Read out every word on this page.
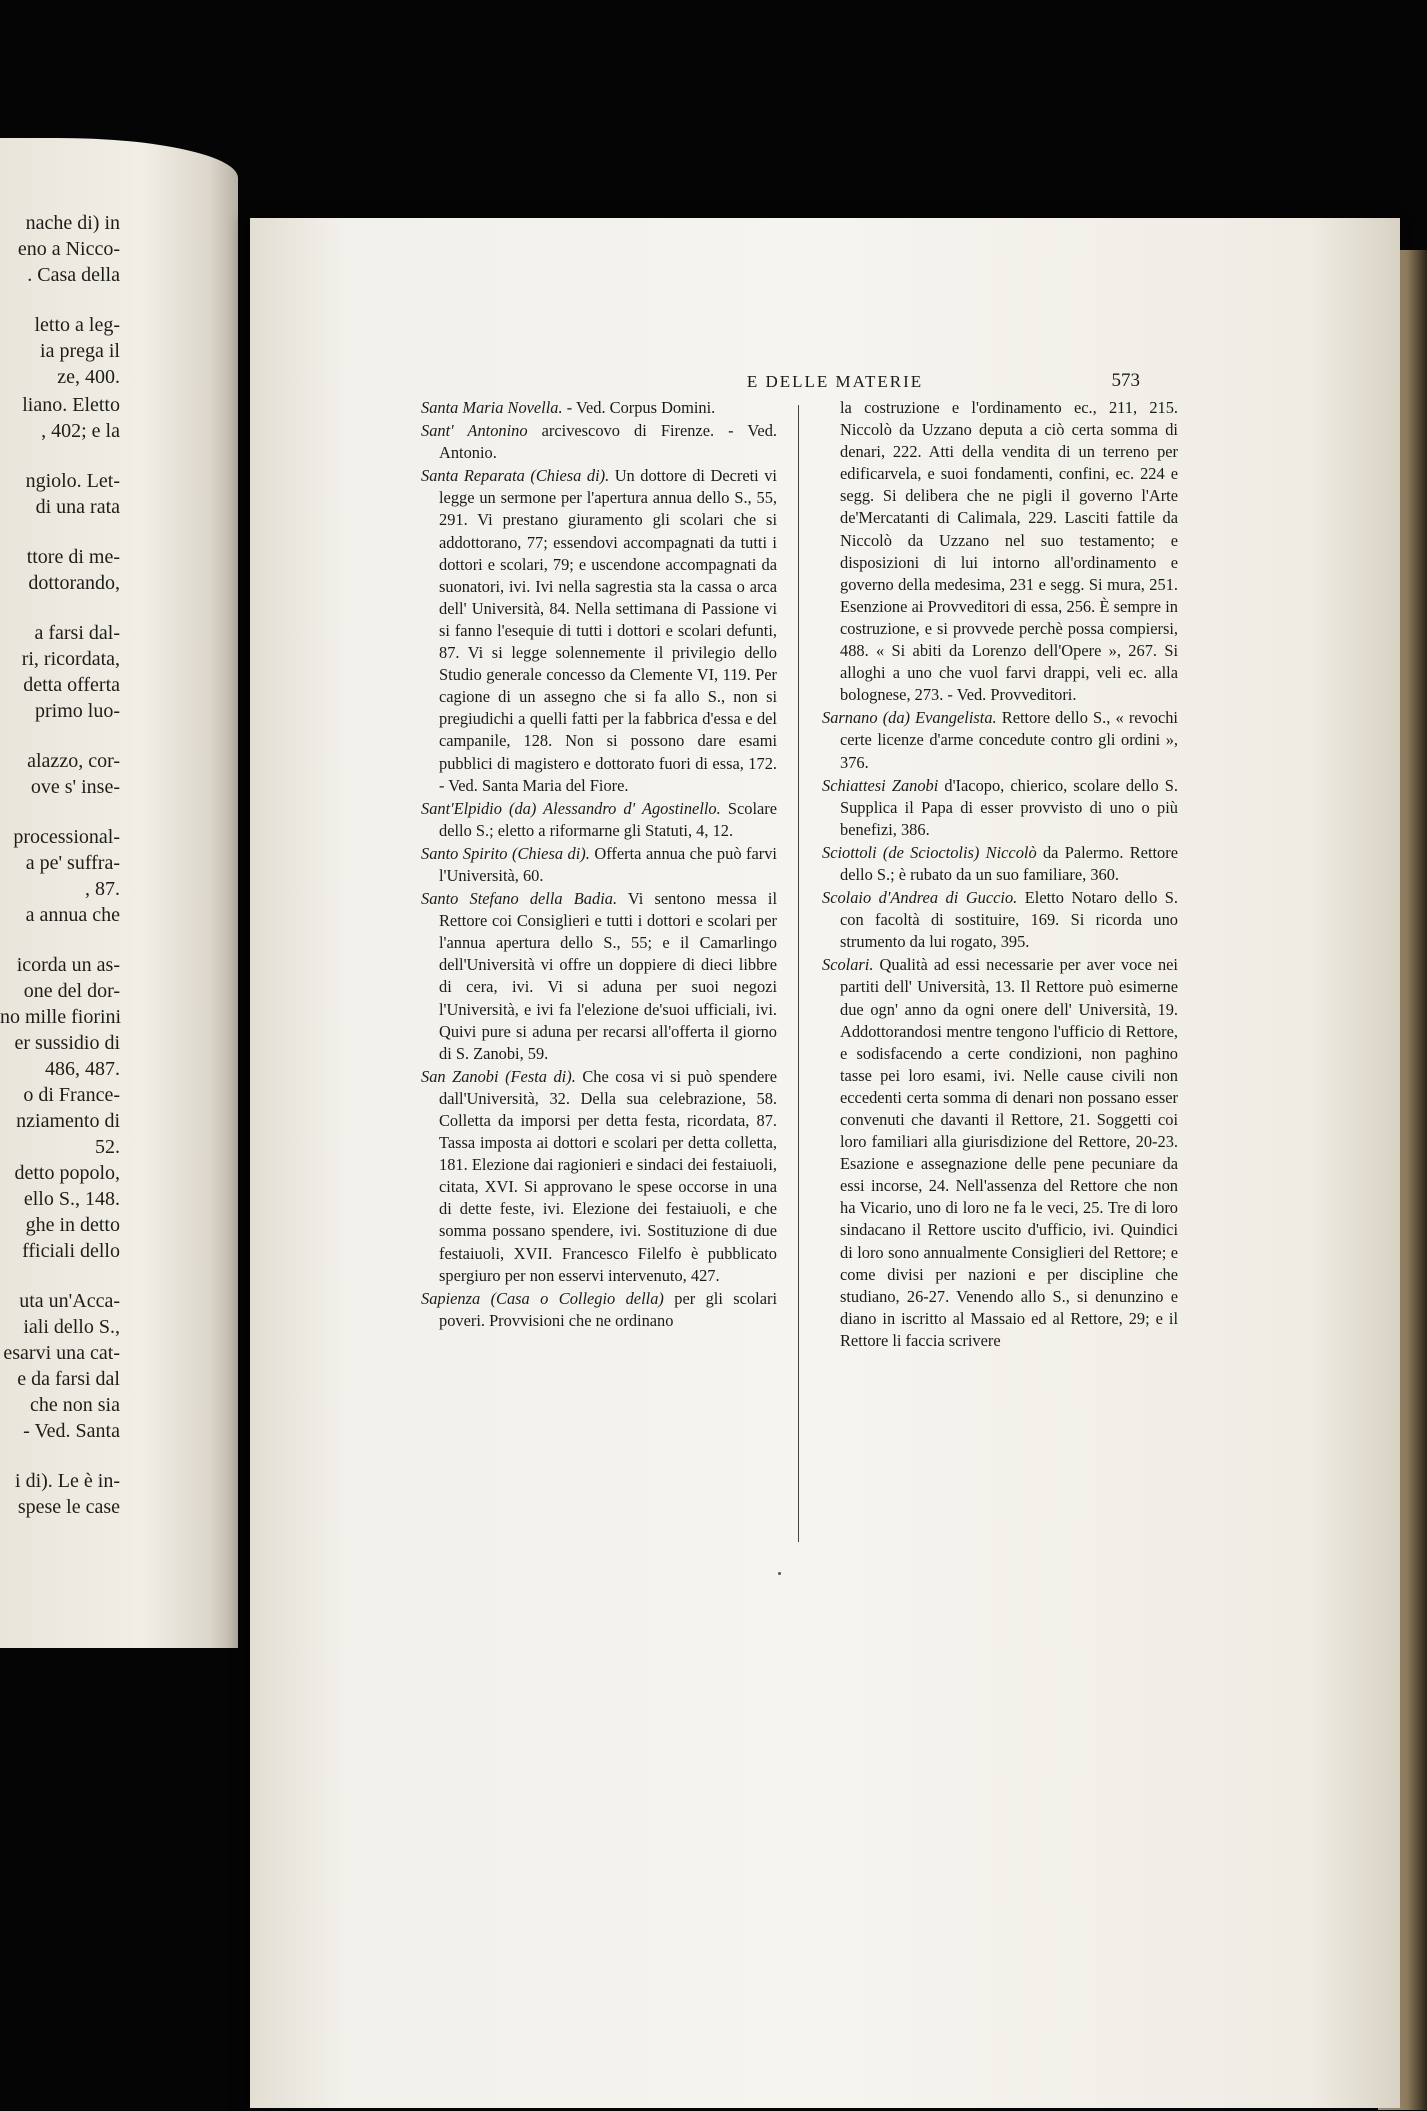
nache di) in
eno a Nicco-
. Casa della
letto a leg-
ia prega il
ze, 400.
liano. Eletto
, 402; e la
ngiolo. Let-
di una rata
ttore di me-
dottorando,
a farsi dal-
ri, ricordata,
detta offerta
primo luo-
alazzo, cor-
ove s' inse-
processional-
a pe' suffra-
, 87.
a annua che
icorda un as-
one del dor-
no mille fiorini
er sussidio di
486, 487.
o di France-
nziamento di
52.
detto popolo,
ello S., 148.
ghe in detto
fficiali dello
uta un'Acca-
iali dello S.,
esarvi una cat-
e da farsi dal
che non sia
- Ved. Santa
i di). Le è in-
spese le case
E DELLE MATERIE	573

Santa Maria Novella. - Ved. Corpus Domini.

Sant' Antonino arcivescovo di Firenze. - Ved. Antonio.

Santa Reparata (Chiesa di). Un dottore di Decreti vi legge un sermone per l'apertura annua dello S., 55, 291. Vi prestano giuramento gli scolari che si addottorano, 77; essendovi accompagnati da tutti i dottori e scolari, 79; e uscendone accompagnati da suonatori, ivi. Ivi nella sagrestia sta la cassa o arca dell' Università, 84. Nella settimana di Passione vi si fanno l'esequie di tutti i dottori e scolari defunti, 87. Vi si legge solennemente il privilegio dello Studio generale concesso da Clemente VI, 119. Per cagione di un assegno che si fa allo S., non si pregiudichi a quelli fatti per la fabbrica d'essa e del campanile, 128. Non si possono dare esami pubblici di magistero e dottorato fuori di essa, 172. - Ved. Santa Maria del Fiore.

Sant'Elpidio (da) Alessandro d' Agostinello. Scolare dello S.; eletto a riformarne gli Statuti, 4, 12.

Santo Spirito (Chiesa di). Offerta annua che può farvi l'Università, 60.

Santo Stefano della Badia. Vi sentono messa il Rettore coi Consiglieri e tutti i dottori e scolari per l'annua apertura dello S., 55; e il Camarlingo dell'Università vi offre un doppiere di dieci libbre di cera, ivi. Vi si aduna per suoi negozi l'Università, e ivi fa l'elezione de'suoi ufficiali, ivi. Quivi pure si aduna per recarsi all'offerta il giorno di S. Zanobi, 59.

San Zanobi (Festa di). Che cosa vi si può spendere dall'Università, 32. Della sua celebrazione, 58. Colletta da imporsi per detta festa, ricordata, 87. Tassa imposta ai dottori e scolari per detta colletta, 181. Elezione dai ragionieri e sindaci dei festaiuoli, citata, XVI. Si approvano le spese occorse in una di dette feste, ivi. Elezione dei festaiuoli, e che somma possano spendere, ivi. Sostituzione di due festaiuoli, XVII. Francesco Filelfo è pubblicato spergiuro per non esservi intervenuto, 427.

Sapienza (Casa o Collegio della) per gli scolari poveri. Provvisioni che ne ordinano

la costruzione e l'ordinamento ec., 211, 215. Niccolò da Uzzano deputa a ciò certa somma di denari, 222. Atti della vendita di un terreno per edificarvela, e suoi fondamenti, confini, ec. 224 e segg. Si delibera che ne pigli il governo l'Arte de'Mercatanti di Calimala, 229. Lasciti fattile da Niccolò da Uzzano nel suo testamento; e disposizioni di lui intorno all'ordinamento e governo della medesima, 231 e segg. Si mura, 251. Esenzione ai Provveditori di essa, 256. È sempre in costruzione, e si provvede perchè possa compiersi, 488. « Si abiti da Lorenzo dell'Opere », 267. Si alloghi a uno che vuol farvi drappi, veli ec. alla bolognese, 273. - Ved. Provveditori.

Sarnano (da) Evangelista. Rettore dello S., « revochi certe licenze d'arme concedute contro gli ordini », 376.

Schiattesi Zanobi d'Iacopo, chierico, scolare dello S. Supplica il Papa di esser provvisto di uno o più benefizi, 386.

Sciottoli (de Scioctolis) Niccolò da Palermo. Rettore dello S.; è rubato da un suo familiare, 360.

Scolaio d'Andrea di Guccio. Eletto Notaro dello S. con facoltà di sostituire, 169. Si ricorda uno strumento da lui rogato, 395.

Scolari. Qualità ad essi necessarie per aver voce nei partiti dell' Università, 13. Il Rettore può esimerne due ogn' anno da ogni onere dell' Università, 19. Addottorandosi mentre tengono l'ufficio di Rettore, e sodisfacendo a certe condizioni, non paghino tasse pei loro esami, ivi. Nelle cause civili non eccedenti certa somma di denari non possano esser convenuti che davanti il Rettore, 21. Soggetti coi loro familiari alla giurisdizione del Rettore, 20-23. Esazione e assegnazione delle pene pecuniare da essi incorse, 24. Nell'assenza del Rettore che non ha Vicario, uno di loro ne fa le veci, 25. Tre di loro sindacano il Rettore uscito d'ufficio, ivi. Quindici di loro sono annualmente Consiglieri del Rettore; e come divisi per nazioni e per discipline che studiano, 26-27. Venendo allo S., si denunzino e diano in iscritto al Massaio ed al Rettore, 29; e il Rettore li faccia scrivere
